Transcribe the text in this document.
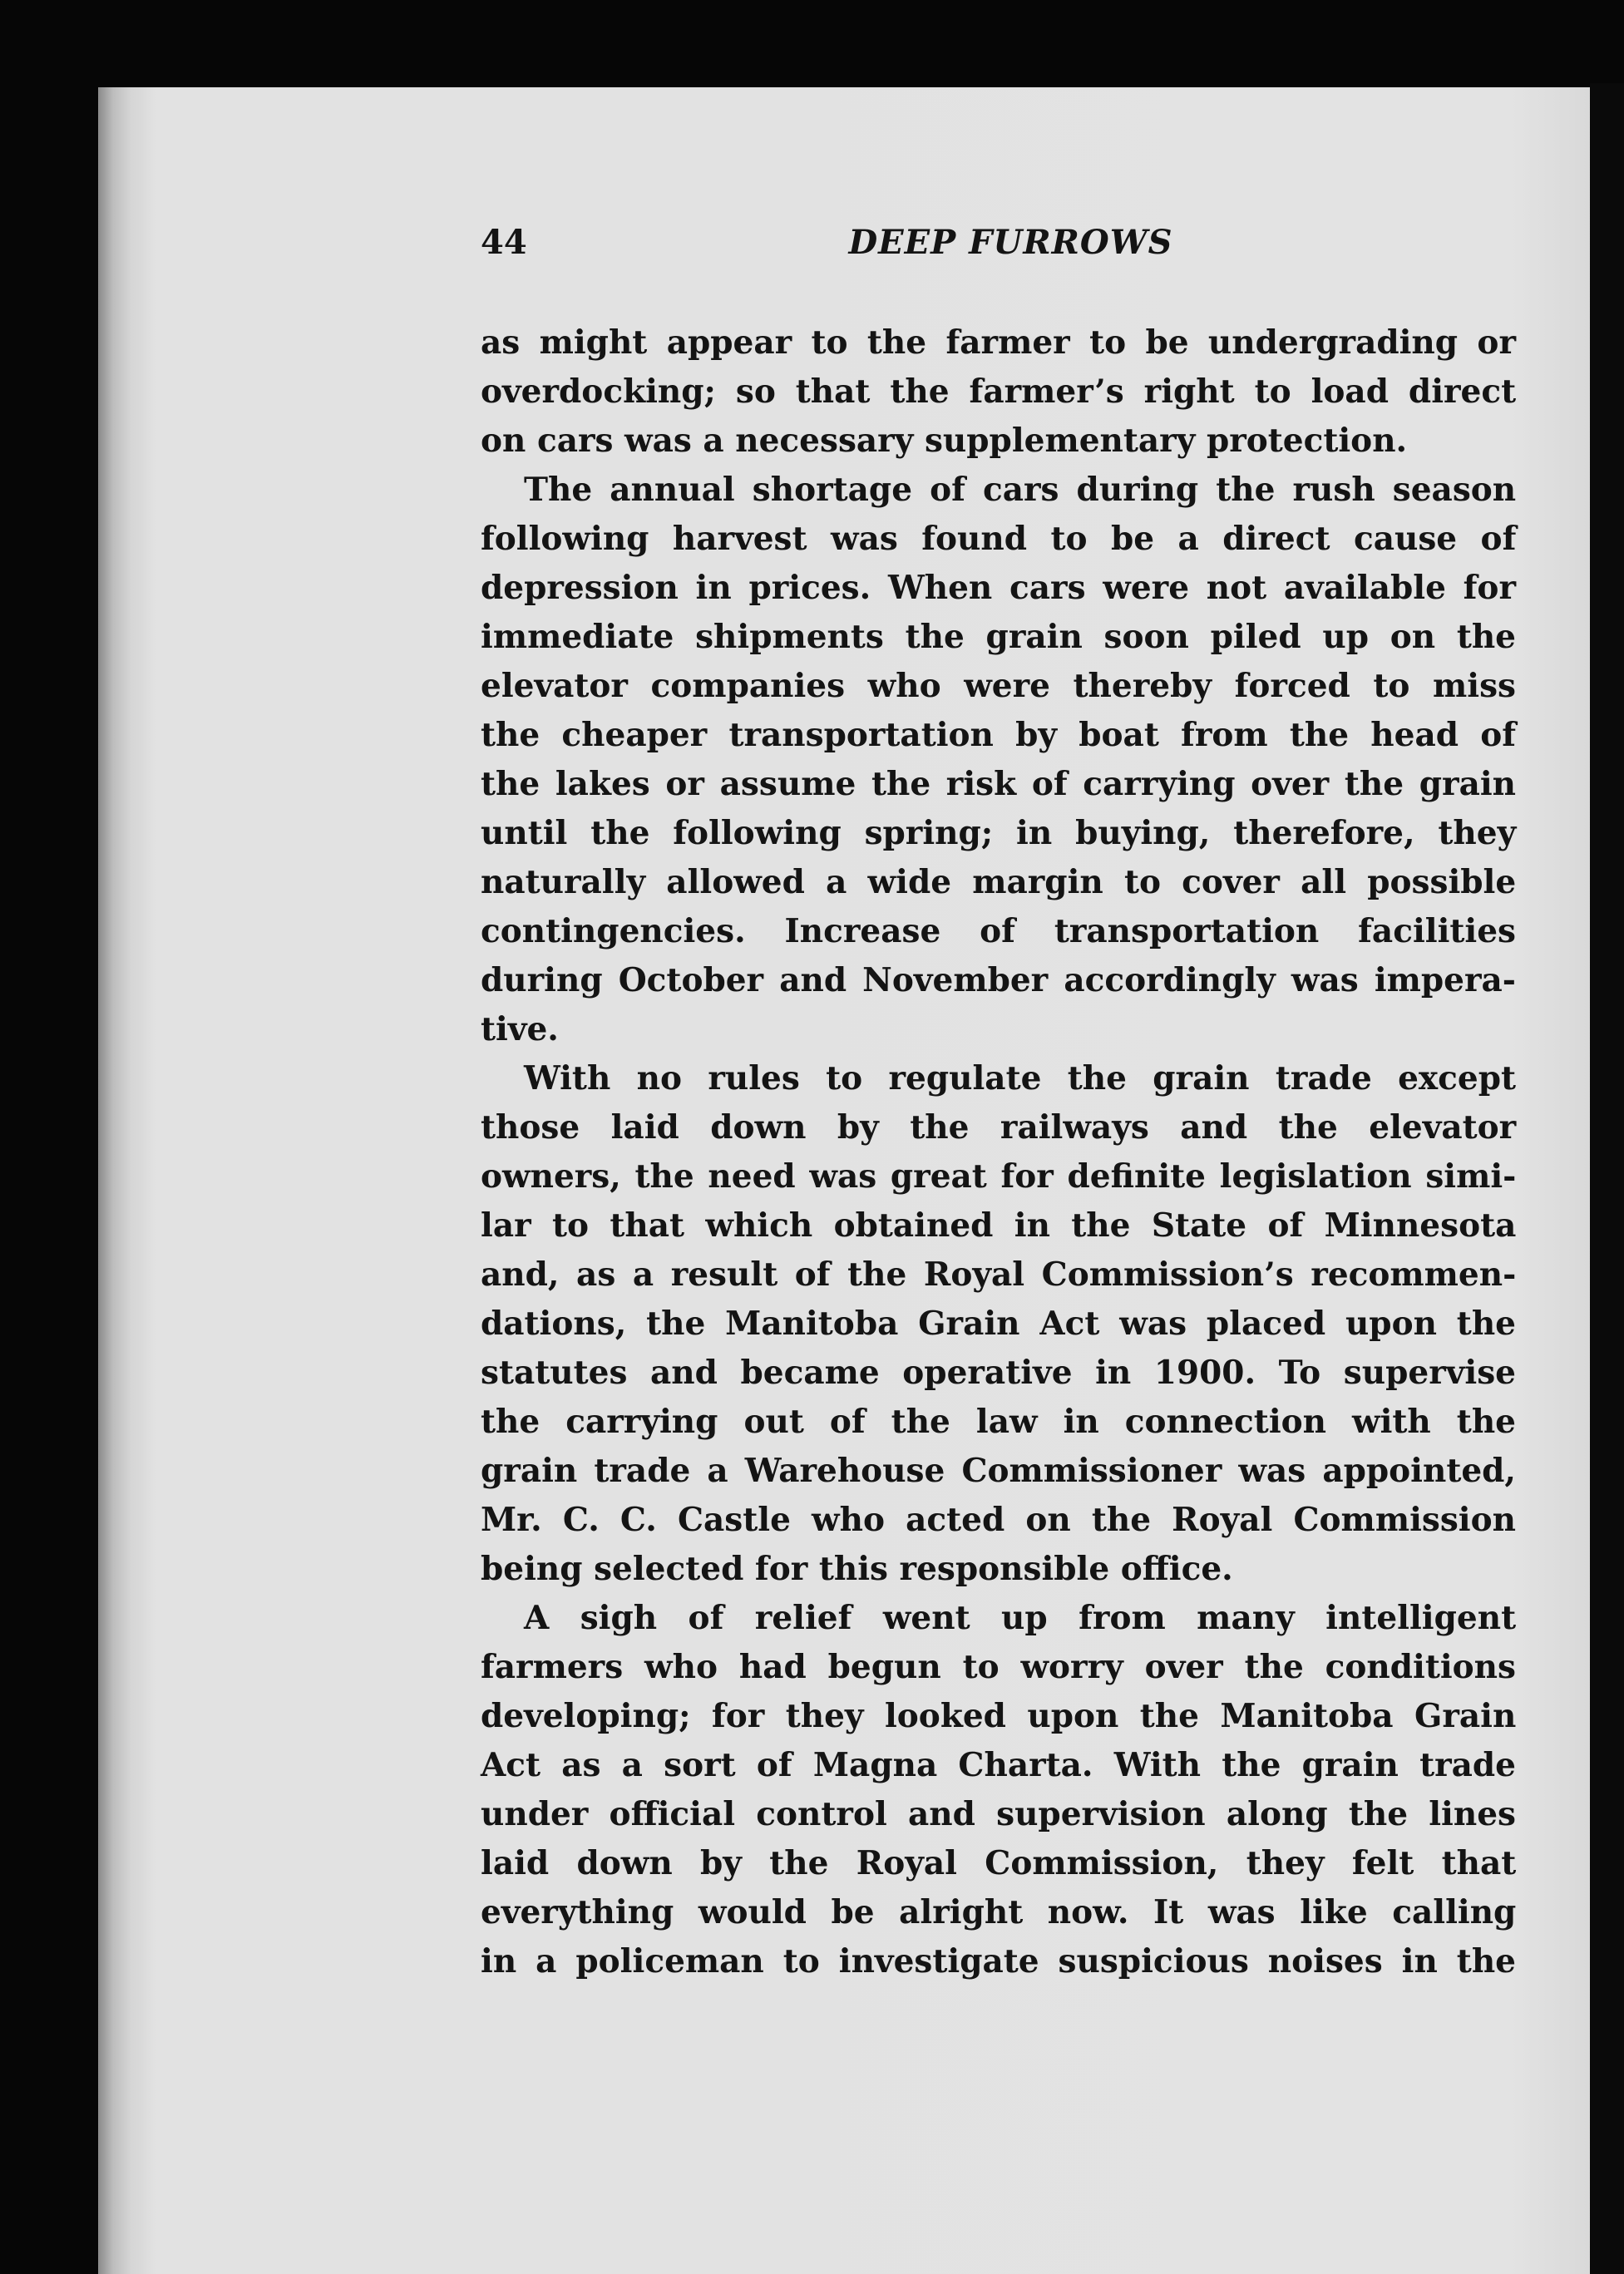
44	DEEP FURROWS

as might appear to the farmer to be undergrading or
overdocking; so that the farmer’s right to load direct
on cars was a necessary supplementary protection.

The annual shortage of cars during the rush season
following harvest was found to be a direct cause of
depression in prices. When cars were not available for
immediate shipments the grain soon piled up on the
elevator companies who were thereby forced to miss
the cheaper transportation by boat from the head of
the lakes or assume the risk of carrying over the grain
until the following spring; in buying, therefore, they
naturally allowed a wide margin to cover all possible
contingencies. Increase of transportation facilities
during October and November accordingly was impera-
tive.

With no rules to regulate the grain trade except
those laid down by the railways and the elevator
owners, the need was great for definite legislation simi-
lar to that which obtained in the State of Minnesota
and, as a result of the Royal Commission’s recommen-
dations, the Manitoba Grain Act was placed upon the
statutes and became operative in 1900. To supervise
the carrying out of the law in connection with the
grain trade a Warehouse Commissioner was appointed,
Mr. C. C. Castle who acted on the Royal Commission
being selected for this responsible office.

A sigh of relief went up from many intelligent
farmers who had begun to worry over the conditions
developing; for they looked upon the Manitoba Grain
Act as a sort of Magna Charta. With the grain trade
under official control and supervision along the lines
laid down by the Royal Commission, they felt that
everything would be alright now. It was like calling
in a policeman to investigate suspicious noises in the
